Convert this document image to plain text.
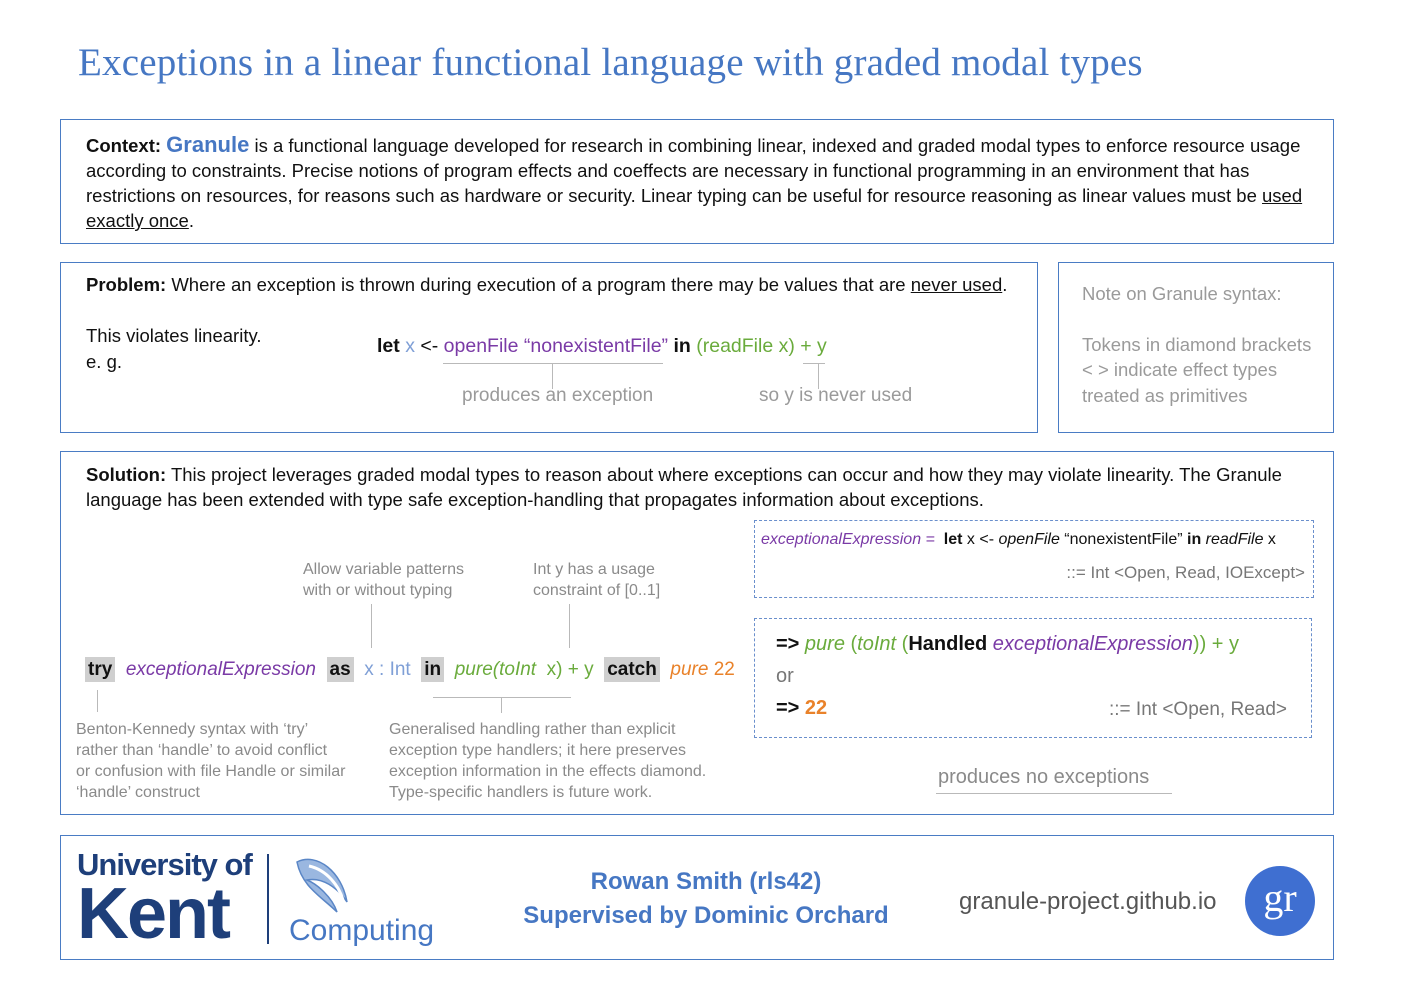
Exceptions in a linear functional language with graded modal types
Context: Granule is a functional language developed for research in combining linear, indexed and graded modal types to enforce resource usage according to constraints. Precise notions of program effects and coeffects are necessary in functional programming in an environment that has restrictions on resources, for reasons such as hardware or security. Linear typing can be useful for resource reasoning as linear values must be used exactly once.
Problem: Where an exception is thrown during execution of a program there may be values that are never used.
This violates linearity.
e. g.
let x <- openFile “nonexistentFile” in (readFile x) + y
produces an exception	so y is never used
Note on Granule syntax:
Tokens in diamond brackets
< > indicate effect types
treated as primitives
Solution: This project leverages graded modal types to reason about where exceptions can occur and how they may violate linearity. The Granule language has been extended with type safe exception-handling that propagates information about exceptions.
Allow variable patterns
with or without typing
Int y has a usage
constraint of [0..1]
try exceptionalExpression as x : Int in pure(toInt  x) + y catch pure 22
Benton-Kennedy syntax with ‘try’
rather than ‘handle’ to avoid conflict
or confusion with file Handle or similar
‘handle’ construct
Generalised handling rather than explicit
exception type handlers; it here preserves
exception information in the effects diamond.
Type-specific handlers is future work.
exceptionalExpression = let x <- openFile “nonexistentFile” in readFile x
::= Int <Open, Read, IOExcept>
=> pure (toInt (Handled exceptionalExpression)) + y
or
=> 22	::= Int <Open, Read>
produces no exceptions
University of
Kent	Computing
Rowan Smith (rls42)
Supervised by Dominic Orchard
granule-project.github.io	gr
